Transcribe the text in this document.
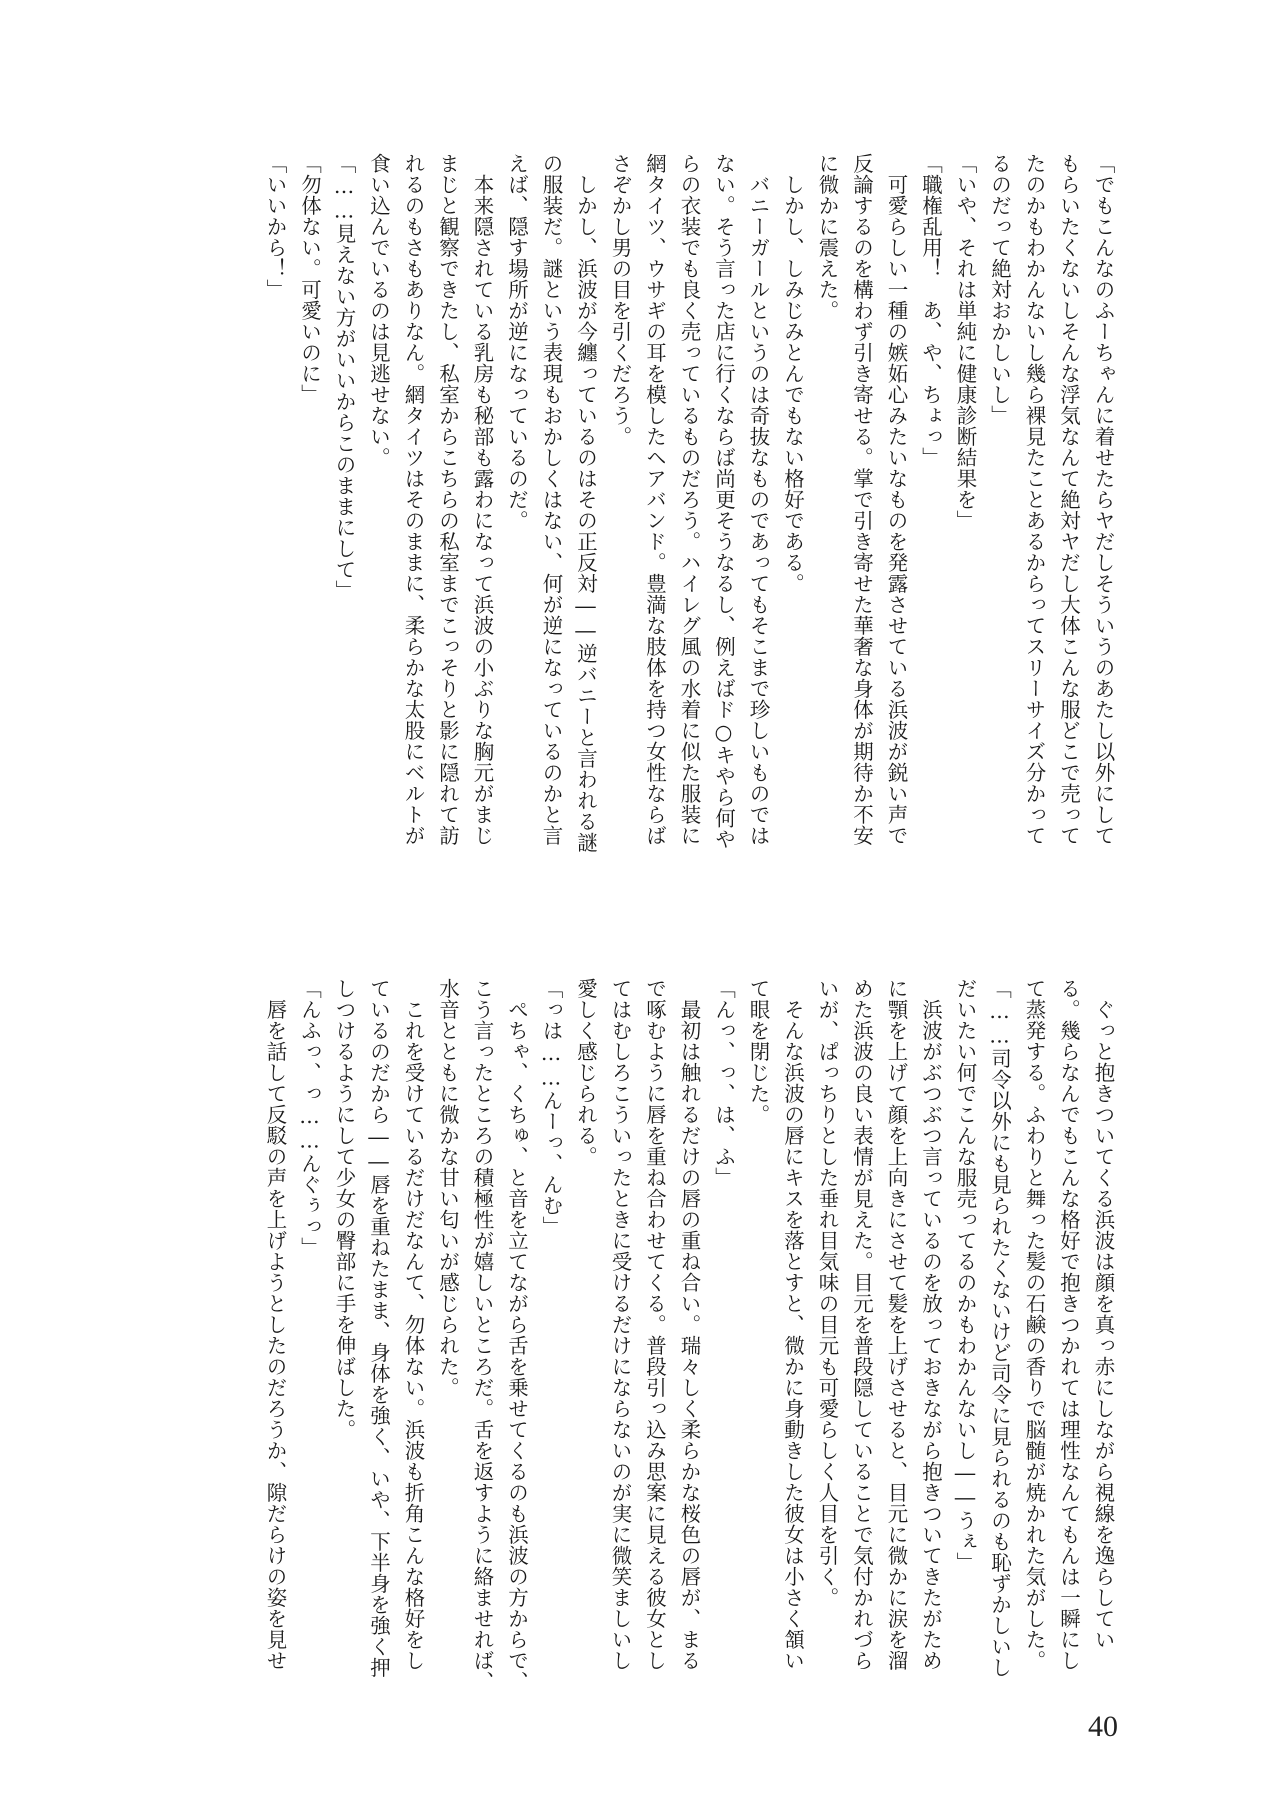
「でもこんなのふーちゃんに着せたらヤだしそういうのあたし以外にして

もらいたくないしそんな浮気なんて絶対ヤだし大体こんな服どこで売って

たのかもわかんないし幾ら裸見たことあるからってスリーサイズ分かって

るのだって絶対おかしいし」

「いや、それは単純に健康診断結果を」

「職権乱用！　あ、や、ちょっ」

　可愛らしい一種の嫉妬心みたいなものを発露させている浜波が鋭い声で

反論するのを構わず引き寄せる。掌で引き寄せた華奢な身体が期待か不安

に微かに震えた。

　しかし、しみじみとんでもない格好である。

　バニーガールというのは奇抜なものであってもそこまで珍しいものでは

ない。そう言った店に行くならば尚更そうなるし、例えばド○キやら何や

らの衣装でも良く売っているものだろう。ハイレグ風の水着に似た服装に

網タイツ、ウサギの耳を模したヘアバンド。豊満な肢体を持つ女性ならば

さぞかし男の目を引くだろう。

　しかし、浜波が今纏っているのはその正反対――逆バニーと言われる謎

の服装だ。謎という表現もおかしくはない、何が逆になっているのかと言

えば、隠す場所が逆になっているのだ。

　本来隠されている乳房も秘部も露わになって浜波の小ぶりな胸元がまじ

まじと観察できたし、私室からこちらの私室までこっそりと影に隠れて訪

れるのもさもありなん。網タイツはそのままに、柔らかな太股にベルトが

食い込んでいるのは見逃せない。

「……見えない方がいいからこのままにして」

「勿体ない。可愛いのに」

「いいから！」

　ぐっと抱きついてくる浜波は顔を真っ赤にしながら視線を逸らしてい

る。幾らなんでもこんな格好で抱きつかれては理性なんてもんは一瞬にし

て蒸発する。ふわりと舞った髪の石鹸の香りで脳髄が焼かれた気がした。

「……司令以外にも見られたくないけど司令に見られるのも恥ずかしいし

だいたい何でこんな服売ってるのかもわかんないし――うぇ」

　浜波がぶつぶつ言っているのを放っておきながら抱きついてきたがため

に顎を上げて顔を上向きにさせて髪を上げさせると、目元に微かに涙を溜

めた浜波の良い表情が見えた。目元を普段隠していることで気付かれづら

いが、ぱっちりとした垂れ目気味の目元も可愛らしく人目を引く。

　そんな浜波の唇にキスを落とすと、微かに身動きした彼女は小さく頷い

て眼を閉じた。

「んっ、っ、は、ふ」

　最初は触れるだけの唇の重ね合い。瑞々しく柔らかな桜色の唇が、まる

で啄むように唇を重ね合わせてくる。普段引っ込み思案に見える彼女とし

てはむしろこういったときに受けるだけにならないのが実に微笑ましいし

愛しく感じられる。

「っは……んーっ、んむ」

　ぺちゃ、くちゅ、と音を立てながら舌を乗せてくるのも浜波の方からで、

こう言ったところの積極性が嬉しいところだ。舌を返すように絡ませれば、

水音とともに微かな甘い匂いが感じられた。

　これを受けているだけだなんて、勿体ない。浜波も折角こんな格好をし

ているのだから――唇を重ねたまま、身体を強く、いや、下半身を強く押

しつけるようにして少女の臀部に手を伸ばした。

「んふっ、っ……んぐぅっ」

　唇を話して反駁の声を上げようとしたのだろうか、隙だらけの姿を見せ

40
